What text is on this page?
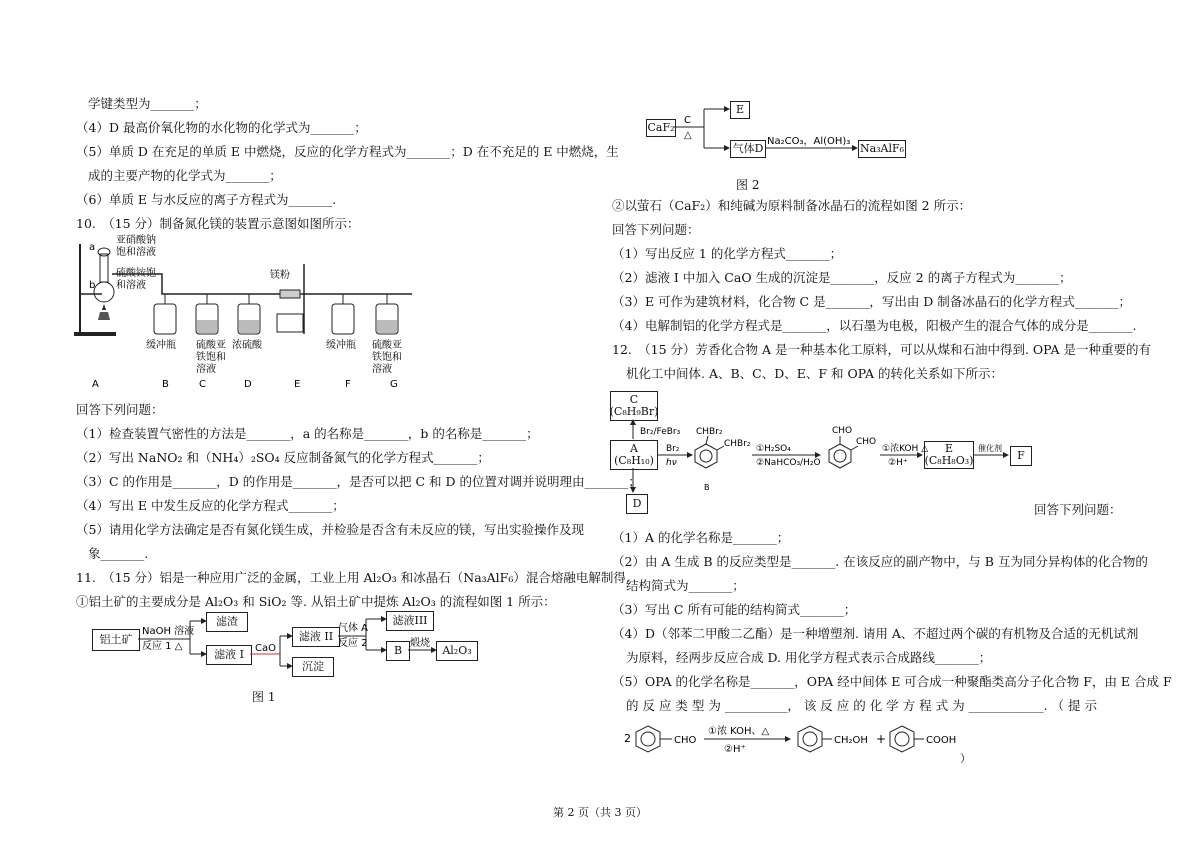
学键类型为_______；
（4）D 最高价氧化物的水化物的化学式为_______；
（5）单质 D 在充足的单质 E 中燃烧，反应的化学方程式为_______；D 在不充足的 E 中燃烧，生
成的主要产物的化学式为_______；
（6）单质 E 与水反应的离子方程式为_______.
10.　（15 分）制备氮化镁的装置示意图如图所示：
a
b
亚硝酸钠
饱和溶液
硫酸铵饱
和溶液
镁粉
缓冲瓶 硫酸亚
铁饱和
溶液
浓硫酸	缓冲瓶 硫酸亚
铁饱和
溶液
A	B	C	D	E	F	G
回答下列问题：
（1）检查装置气密性的方法是_______，a 的名称是_______，b 的名称是_______；
（2）写出 NaNO₂ 和（NH₄）₂SO₄ 反应制备氮气的化学方程式_______；
（3）C 的作用是_______，D 的作用是_______，是否可以把 C 和 D 的位置对调并说明理由_______；
（4）写出 E 中发生反应的化学方程式_______；
（5）请用化学方法确定是否有氮化镁生成，并检验是否含有未反应的镁，写出实验操作及现
象_______.
11.　（15 分）铝是一种应用广泛的金属，工业上用 Al₂O₃ 和冰晶石（Na₃AlF₆）混合熔融电解制得.
①铝土矿的主要成分是 Al₂O₃ 和 SiO₂ 等. 从铝土矿中提炼 Al₂O₃ 的流程如图 1 所示：
铝土矿
滤渣
滤液 I
滤液 II
沉淀
滤液III
B	Al₂O₃
NaOH 溶液
反应 1 △	CaO
气体 A
反应 2	煅烧
图 1
CaF₂
E
气体D	Na₃AlF₆
C
△
Na₂CO₃，Al(OH)₃
图 2
②以萤石（CaF₂）和纯碱为原料制备冰晶石的流程如图 2 所示：
回答下列问题：
（1）写出反应 1 的化学方程式_______；
（2）滤液 I 中加入 CaO 生成的沉淀是_______，反应 2 的离子方程式为_______；
（3）E 可作为建筑材料，化合物 C 是_______，写出由 D 制备冰晶石的化学方程式_______；
（4）电解制铝的化学方程式是_______，以石墨为电极，阳极产生的混合气体的成分是_______.
12.　（15 分）芳香化合物 A 是一种基本化工原料，可以从煤和石油中得到. OPA 是一种重要的有
机化工中间体. A、B、C、D、E、F 和 OPA 的转化关系如下所示：
C
(C₈H₉Br)
A
(C₈H₁₀)
D
E
(C₈H₈O₃)	F
Br₂/FeBr₃
Br₂
hν
CHBr₂
CHBr₂ ①H₂SO₄
②NaHCO₃/H₂O
CHO
CHO
B
①浓KOH △
②H⁺
催化剂
回答下列问题：
（1）A 的化学名称是_______；
（2）由 A 生成 B 的反应类型是_______. 在该反应的副产物中，与 B 互为同分异构体的化合物的
结构简式为_______；
（3）写出 C 所有可能的结构简式_______；
（4）D（邻苯二甲酸二乙酯）是一种增塑剂. 请用 A、不超过两个碳的有机物及合适的无机试剂
为原料，经两步反应合成 D. 用化学方程式表示合成路线_______；
（5）OPA 的化学名称是_______，OPA 经中间体 E 可合成一种聚酯类高分子化合物 F，由 E 合成 F
的 反 应 类 型 为 __________， 该 反 应 的 化 学 方 程 式 为 ____________. （ 提 示
2	CHO
①浓 KOH、△
②H⁺
CH₂OH +	COOH
）
第 2 页（共 3 页）
